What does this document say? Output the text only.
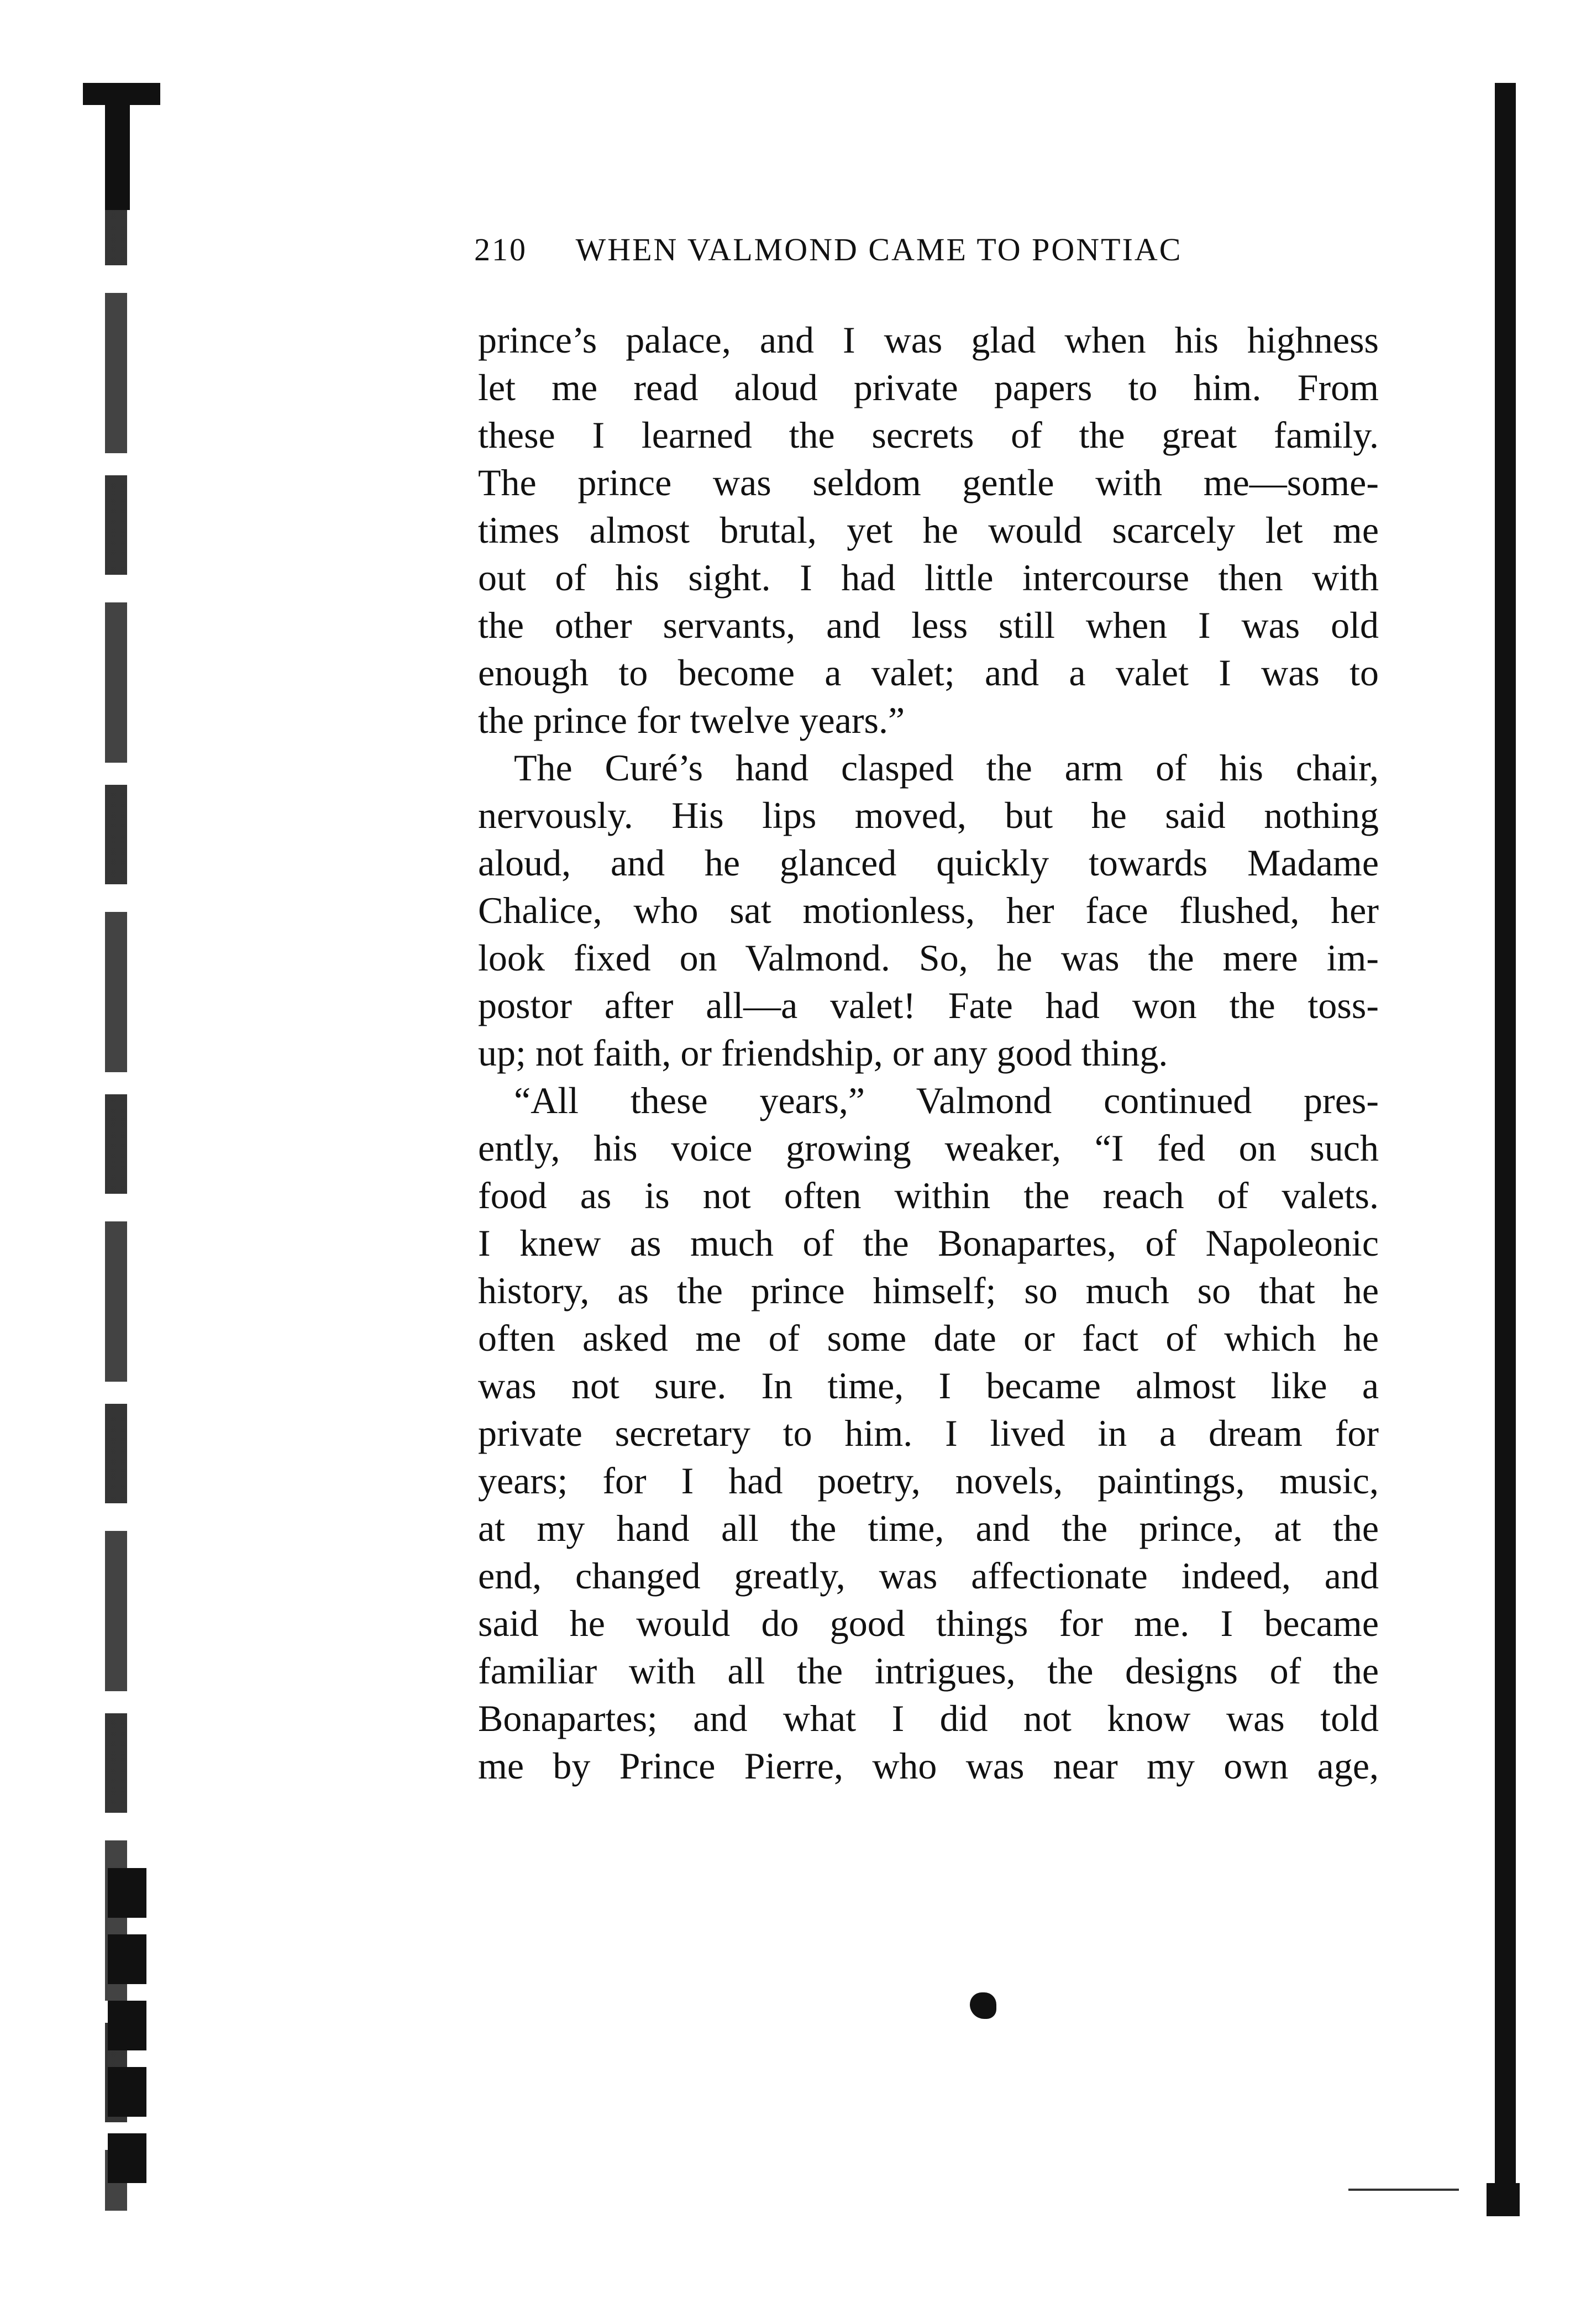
210 WHEN VALMOND CAME TO PONTIAC
prince’s palace, and I was glad when his highness
let me read aloud private papers to him. From
these I learned the secrets of the great family.
The prince was seldom gentle with me—some-
times almost brutal, yet he would scarcely let me
out of his sight. I had little intercourse then with
the other servants, and less still when I was old
enough to become a valet; and a valet I was to
the prince for twelve years.”
The Curé’s hand clasped the arm of his chair,
nervously. His lips moved, but he said nothing
aloud, and he glanced quickly towards Madame
Chalice, who sat motionless, her face flushed, her
look fixed on Valmond. So, he was the mere im-
postor after all—a valet! Fate had won the toss-
up; not faith, or friendship, or any good thing.
“All these years,” Valmond continued pres-
ently, his voice growing weaker, “I fed on such
food as is not often within the reach of valets.
I knew as much of the Bonapartes, of Napoleonic
history, as the prince himself; so much so that he
often asked me of some date or fact of which he
was not sure. In time, I became almost like a
private secretary to him. I lived in a dream for
years; for I had poetry, novels, paintings, music,
at my hand all the time, and the prince, at the
end, changed greatly, was affectionate indeed, and
said he would do good things for me. I became
familiar with all the intrigues, the designs of the
Bonapartes; and what I did not know was told
me by Prince Pierre, who was near my own age,
